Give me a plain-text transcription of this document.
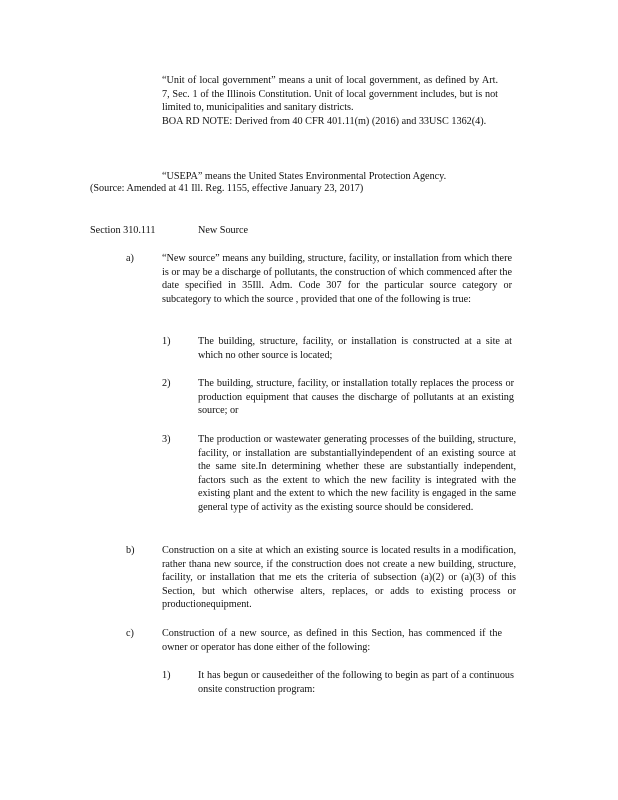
“Unit of local government” means a unit of local government, as defined by Art. 7, Sec. 1 of the Illinois Constitution. Unit of local government includes, but is not limited to, municipalities and sanitary districts.

BOA RD NOTE: Derived from 40 CFR 401.11(m) (2016) and 33USC 1362(4).

“USEPA” means the United States Environmental Protection Agency.

(Source: Amended at 41 Ill. Reg. 1155, effective January 23, 2017)

Section 310.111	New Source
a)	“New source” means any building, structure, facility, or installation from which there is or may be a discharge of pollutants, the construction of which commenced after the date specified in 35Ill. Adm. Code 307 for the particular source category or subcategory to which the source , provided that one of the following is true:
1)	The building, structure, facility, or installation is constructed at a site at which no other source is located;
2)	The building, structure, facility, or installation totally replaces the process or production equipment that causes the discharge of pollutants at an existing source; or
3)	The production or wastewater generating processes of the building, structure, facility, or installation are substantiallyindependent of an existing source at the same site.In determining whether these are substantially independent, factors such as the extent to which the new facility is integrated with the existing plant and the extent to which the new facility is engaged in the same general type of activity as the existing source should be considered.
b)	Construction on a site at which an existing source is located results in a modification, rather thana new source, if the construction does not create a new building, structure, facility, or installation that me ets the criteria of subsection (a)(2) or (a)(3) of this Section, but which otherwise alters, replaces, or adds to existing process or productionequipment.
c)	Construction of a new source, as defined in this Section, has commenced if the owner or operator has done either of the following:
1)	It has begun or causedeither of the following to begin as part of a continuous onsite construction program:
